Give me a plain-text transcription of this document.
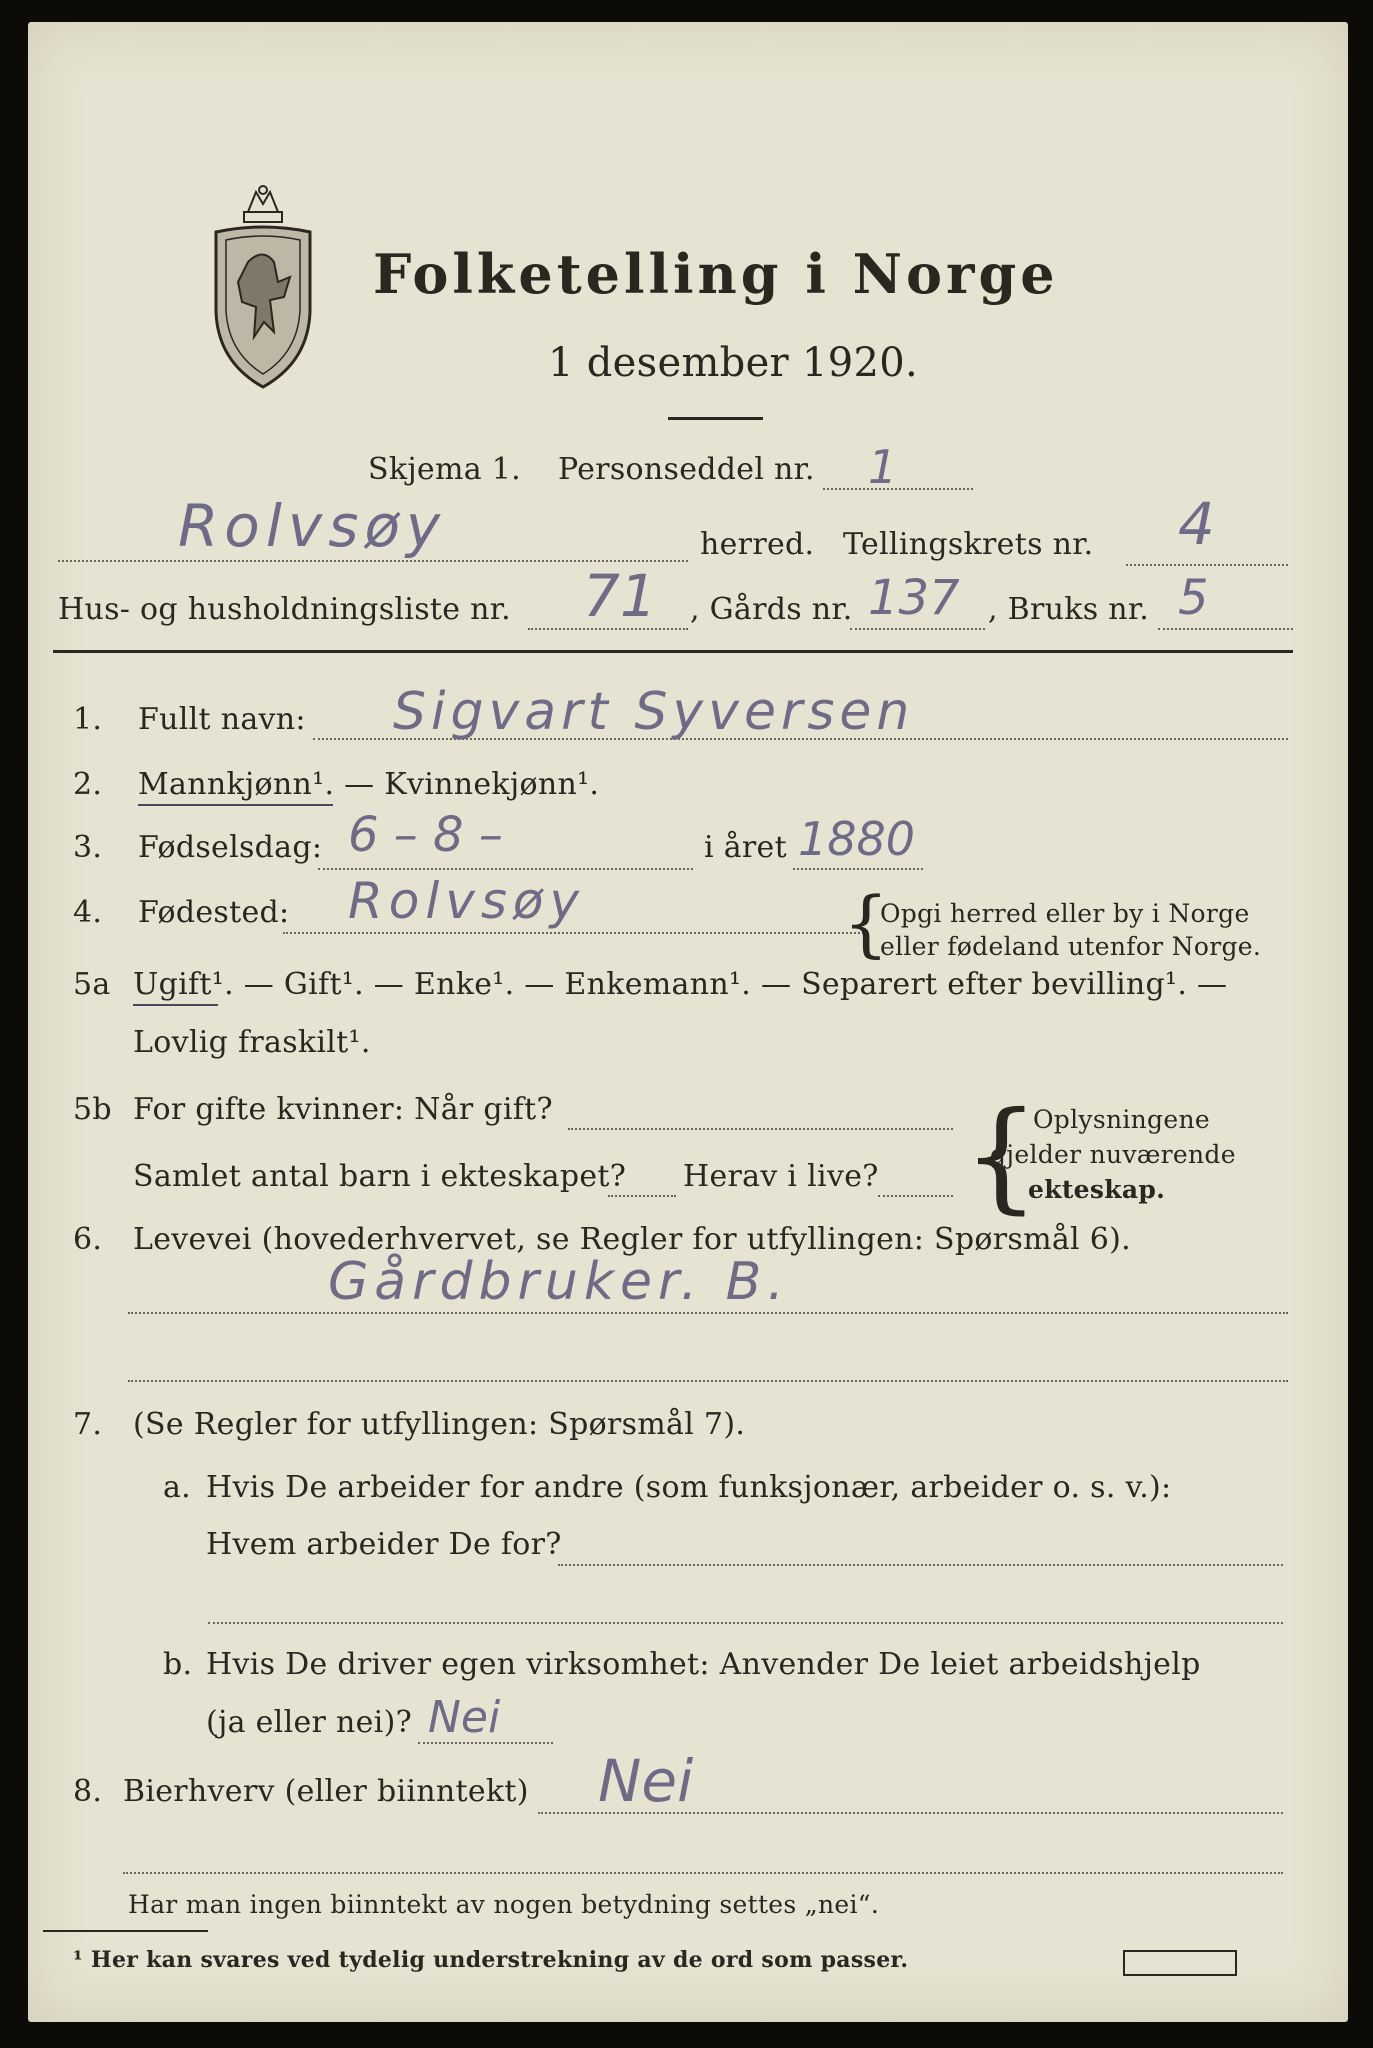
Folketelling i Norge
1 desember 1920.
Skjema 1. Personseddel nr. 1
Rolvsøy	herred. Tellingskrets nr. 4
Hus- og husholdningsliste nr. 71 , Gårds nr. 137 , Bruks nr. 5
1. Fullt navn: Sigvart Syversen
2. Mannkjønn¹. — Kvinnekjønn¹.
3. Fødselsdag: 6 – 8 –	i året 1880
4. Fødested: Rolvsøy	{
Opgi herred eller by i Norge
eller fødeland utenfor Norge.
5a Ugift¹. — Gift¹. — Enke¹. — Enkemann¹. — Separert efter bevilling¹. —
Lovlig fraskilt¹.
5b For gifte kvinner: Når gift?
Samlet antal barn i ekteskapet? Herav i live? {
Oplysningene
gjelder nuværende
ekteskap.
6. Levevei (hovederhvervet, se Regler for utfyllingen: Spørsmål 6).
Gårdbruker. B.
7. (Se Regler for utfyllingen: Spørsmål 7).
a. Hvis De arbeider for andre (som funksjonær, arbeider o. s. v.):
Hvem arbeider De for?
b. Hvis De driver egen virksomhet: Anvender De leiet arbeidshjelp
(ja eller nei)? Nei
8. Bierhverv (eller biinntekt) Nei
Har man ingen biinntekt av nogen betydning settes „nei“.
¹ Her kan svares ved tydelig understrekning av de ord som passer.
